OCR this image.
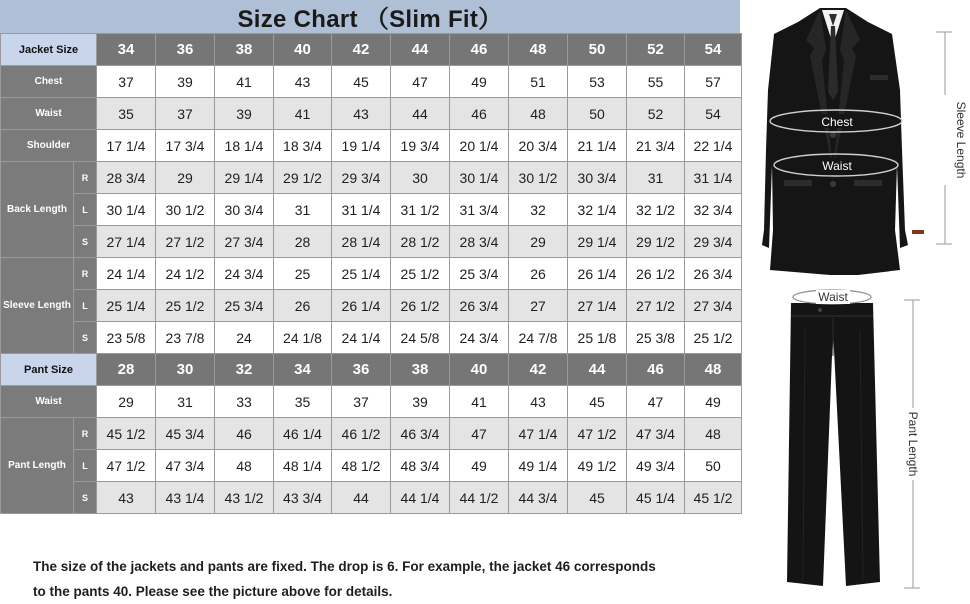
Size Chart （Slim Fit）
Jacket Size		34	36	38	40	42	44	46	48	50	52	54
Chest		37	39	41	43	45	47	49	51	53	55	57
Waist		35	37	39	41	43	44	46	48	50	52	54
Shoulder		17 1/4	17 3/4	18 1/4	18 3/4	19 1/4	19 3/4	20 1/4	20 3/4	21 1/4	21 3/4	22 1/4
Back Length	R	28 3/4	29	29 1/4	29 1/2	29 3/4	30	30 1/4	30 1/2	30 3/4	31	31 1/4
	L	30 1/4	30 1/2	30 3/4	31	31 1/4	31 1/2	31 3/4	32	32 1/4	32 1/2	32 3/4
	S	27 1/4	27 1/2	27 3/4	28	28 1/4	28 1/2	28 3/4	29	29 1/4	29 1/2	29 3/4
Sleeve Length	R	24 1/4	24 1/2	24 3/4	25	25 1/4	25 1/2	25 3/4	26	26 1/4	26 1/2	26 3/4
	L	25 1/4	25 1/2	25 3/4	26	26 1/4	26 1/2	26 3/4	27	27 1/4	27 1/2	27 3/4
	S	23 5/8	23 7/8	24	24 1/8	24 1/4	24 5/8	24 3/4	24 7/8	25 1/8	25 3/8	25 1/2
Pant Size		28	30	32	34	36	38	40	42	44	46	48
Waist		29	31	33	35	37	39	41	43	45	47	49
Pant Length	R	45 1/2	45 3/4	46	46 1/4	46 1/2	46 3/4	47	47 1/4	47 1/2	47 3/4	48
	L	47 1/2	47 3/4	48	48 1/4	48 1/2	48 3/4	49	49 1/4	49 1/2	49 3/4	50
	S	43	43 1/4	43 1/2	43 3/4	44	44 1/4	44 1/2	44 3/4	45	45 1/4	45 1/2
The size of the jackets and pants are fixed. The drop is 6. For example, the jacket 46 corresponds
to the pants 40. Please see the picture above for details.
Chest
Waist	Sleeve Length
Waist
Pant Length
